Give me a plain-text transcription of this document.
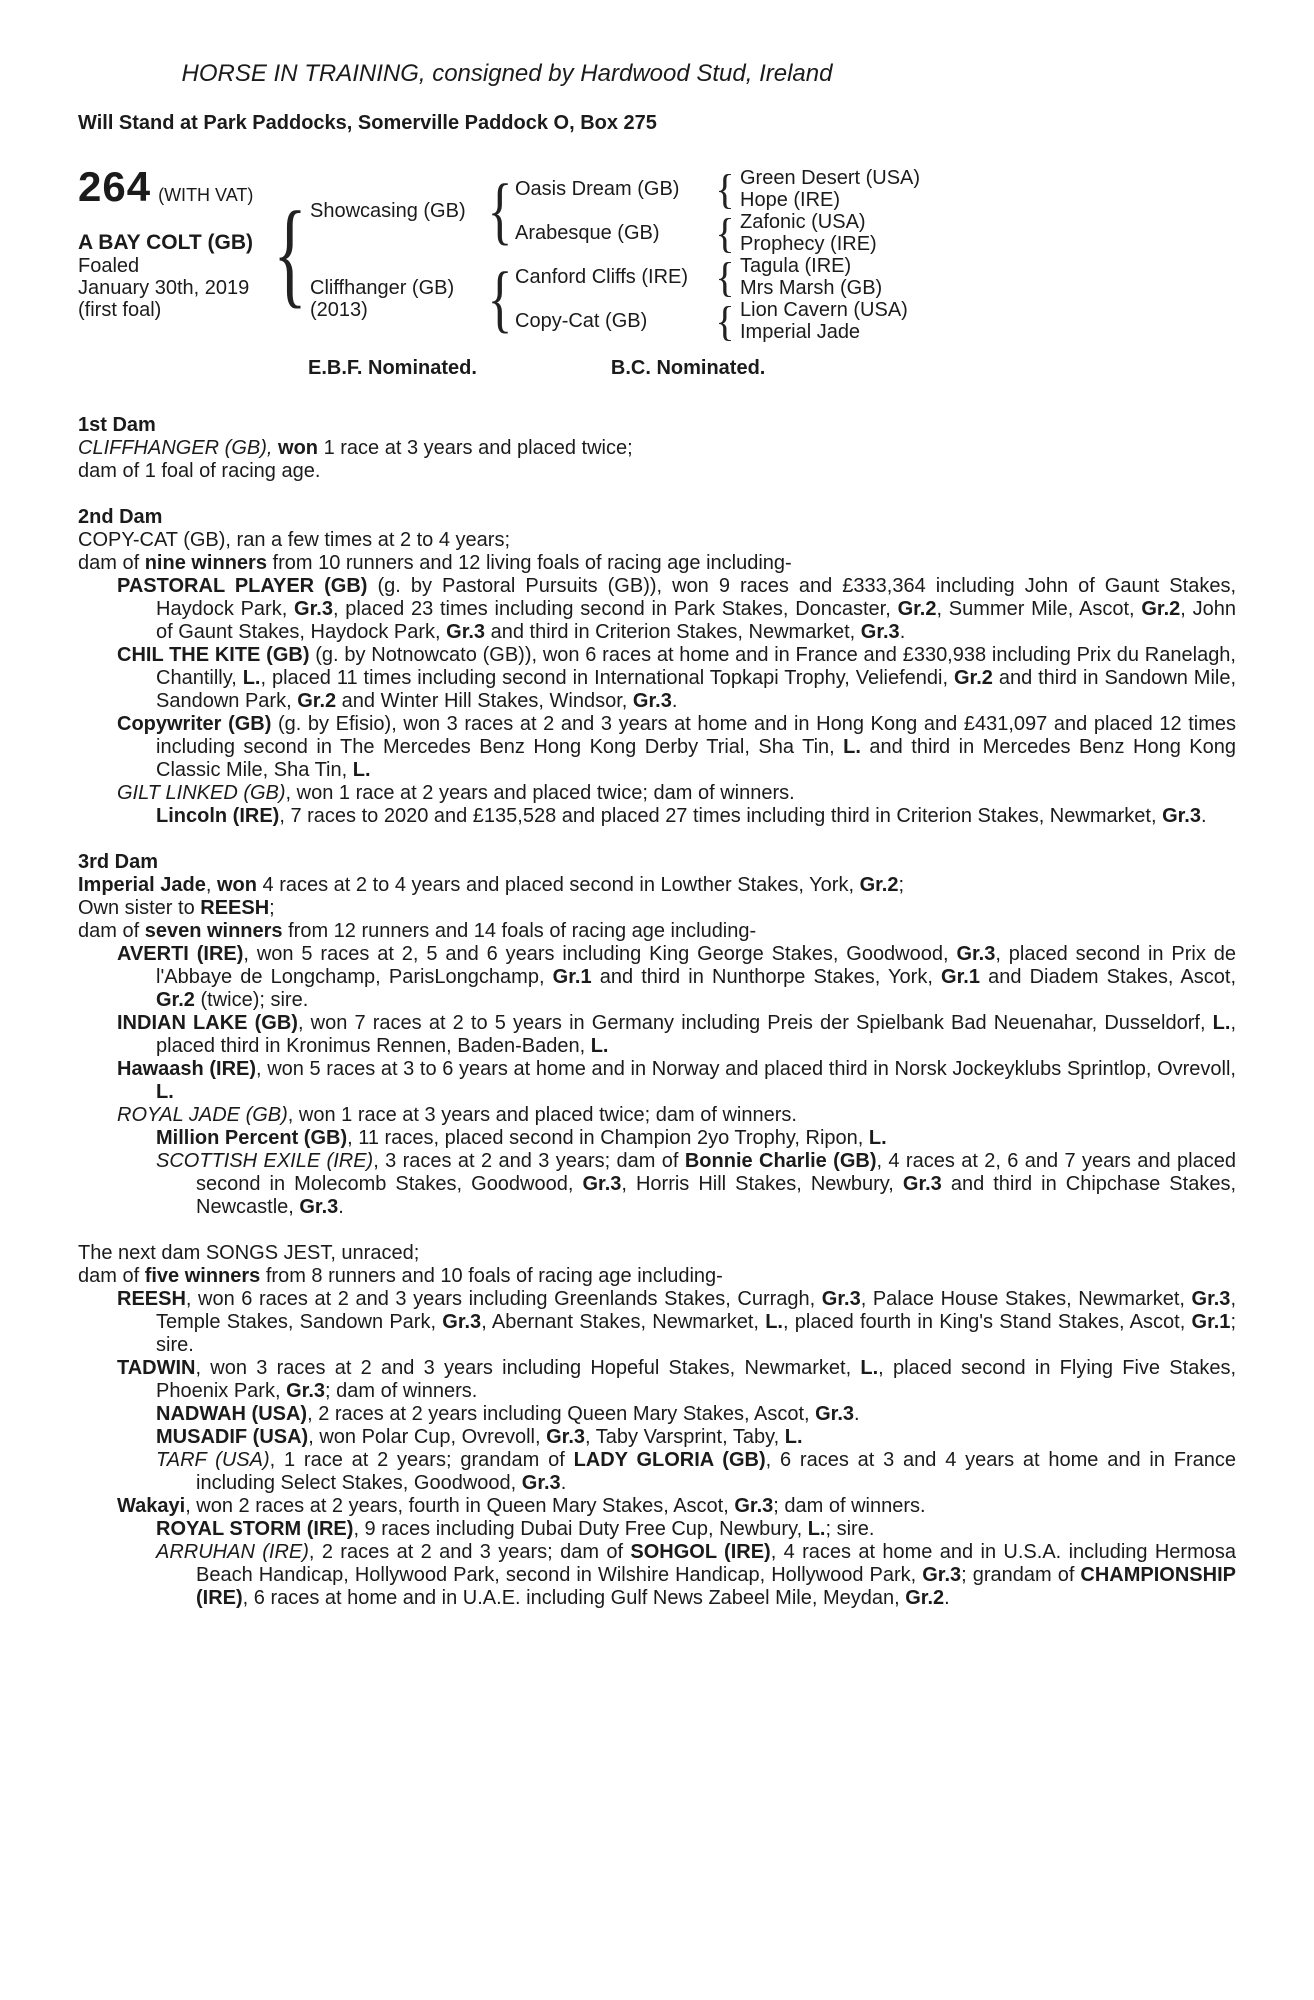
HORSE IN TRAINING, consigned by Hardwood Stud, Ireland
Will Stand at Park Paddocks, Somerville Paddock O, Box 275
264 (WITH VAT)
A BAY COLT (GB)
Foaled
January 30th, 2019
(first foal)	{ Showcasing (GB)
Cliffhanger (GB)
(2013)
{
{
Oasis Dream (GB)
Arabesque (GB)
Canford Cliffs (IRE)
Copy-Cat (GB)
{
{
{
{
Green Desert (USA)
Hope (IRE)
Zafonic (USA)
Prophecy (IRE)
Tagula (IRE)
Mrs Marsh (GB)
Lion Cavern (USA)
Imperial Jade
E.B.F. Nominated.	B.C. Nominated.
1st Dam

CLIFFHANGER (GB), won 1 race at 3 years and placed twice;

dam of 1 foal of racing age.

2nd Dam

COPY-CAT (GB), ran a few times at 2 to 4 years;

dam of nine winners from 10 runners and 12 living foals of racing age including-

PASTORAL PLAYER (GB) (g. by Pastoral Pursuits (GB)), won 9 races and £333,364 including John of Gaunt Stakes, Haydock Park, Gr.3, placed 23 times including second in Park Stakes, Doncaster, Gr.2, Summer Mile, Ascot, Gr.2, John of Gaunt Stakes, Haydock Park, Gr.3 and third in Criterion Stakes, Newmarket, Gr.3.

CHIL THE KITE (GB) (g. by Notnowcato (GB)), won 6 races at home and in France and £330,938 including Prix du Ranelagh, Chantilly, L., placed 11 times including second in International Topkapi Trophy, Veliefendi, Gr.2 and third in Sandown Mile, Sandown Park, Gr.2 and Winter Hill Stakes, Windsor, Gr.3.

Copywriter (GB) (g. by Efisio), won 3 races at 2 and 3 years at home and in Hong Kong and £431,097 and placed 12 times including second in The Mercedes Benz Hong Kong Derby Trial, Sha Tin, L. and third in Mercedes Benz Hong Kong Classic Mile, Sha Tin, L.

GILT LINKED (GB), won 1 race at 2 years and placed twice; dam of winners.

Lincoln (IRE), 7 races to 2020 and £135,528 and placed 27 times including third in Criterion Stakes, Newmarket, Gr.3.

3rd Dam

Imperial Jade, won 4 races at 2 to 4 years and placed second in Lowther Stakes, York, Gr.2;

Own sister to REESH;

dam of seven winners from 12 runners and 14 foals of racing age including-

AVERTI (IRE), won 5 races at 2, 5 and 6 years including King George Stakes, Goodwood, Gr.3, placed second in Prix de l'Abbaye de Longchamp, ParisLongchamp, Gr.1 and third in Nunthorpe Stakes, York, Gr.1 and Diadem Stakes, Ascot, Gr.2 (twice); sire.

INDIAN LAKE (GB), won 7 races at 2 to 5 years in Germany including Preis der Spielbank Bad Neuenahar, Dusseldorf, L., placed third in Kronimus Rennen, Baden-Baden, L.

Hawaash (IRE), won 5 races at 3 to 6 years at home and in Norway and placed third in Norsk Jockeyklubs Sprintlop, Ovrevoll, L.

ROYAL JADE (GB), won 1 race at 3 years and placed twice; dam of winners.

Million Percent (GB), 11 races, placed second in Champion 2yo Trophy, Ripon, L.

SCOTTISH EXILE (IRE), 3 races at 2 and 3 years; dam of Bonnie Charlie (GB), 4 races at 2, 6 and 7 years and placed second in Molecomb Stakes, Goodwood, Gr.3, Horris Hill Stakes, Newbury, Gr.3 and third in Chipchase Stakes, Newcastle, Gr.3.

The next dam SONGS JEST, unraced;

dam of five winners from 8 runners and 10 foals of racing age including-

REESH, won 6 races at 2 and 3 years including Greenlands Stakes, Curragh, Gr.3, Palace House Stakes, Newmarket, Gr.3, Temple Stakes, Sandown Park, Gr.3, Abernant Stakes, Newmarket, L., placed fourth in King's Stand Stakes, Ascot, Gr.1; sire.

TADWIN, won 3 races at 2 and 3 years including Hopeful Stakes, Newmarket, L., placed second in Flying Five Stakes, Phoenix Park, Gr.3; dam of winners.

NADWAH (USA), 2 races at 2 years including Queen Mary Stakes, Ascot, Gr.3.

MUSADIF (USA), won Polar Cup, Ovrevoll, Gr.3, Taby Varsprint, Taby, L.

TARF (USA), 1 race at 2 years; grandam of LADY GLORIA (GB), 6 races at 3 and 4 years at home and in France including Select Stakes, Goodwood, Gr.3.

Wakayi, won 2 races at 2 years, fourth in Queen Mary Stakes, Ascot, Gr.3; dam of winners.

ROYAL STORM (IRE), 9 races including Dubai Duty Free Cup, Newbury, L.; sire.

ARRUHAN (IRE), 2 races at 2 and 3 years; dam of SOHGOL (IRE), 4 races at home and in U.S.A. including Hermosa Beach Handicap, Hollywood Park, second in Wilshire Handicap, Hollywood Park, Gr.3; grandam of CHAMPIONSHIP (IRE), 6 races at home and in U.A.E. including Gulf News Zabeel Mile, Meydan, Gr.2.
